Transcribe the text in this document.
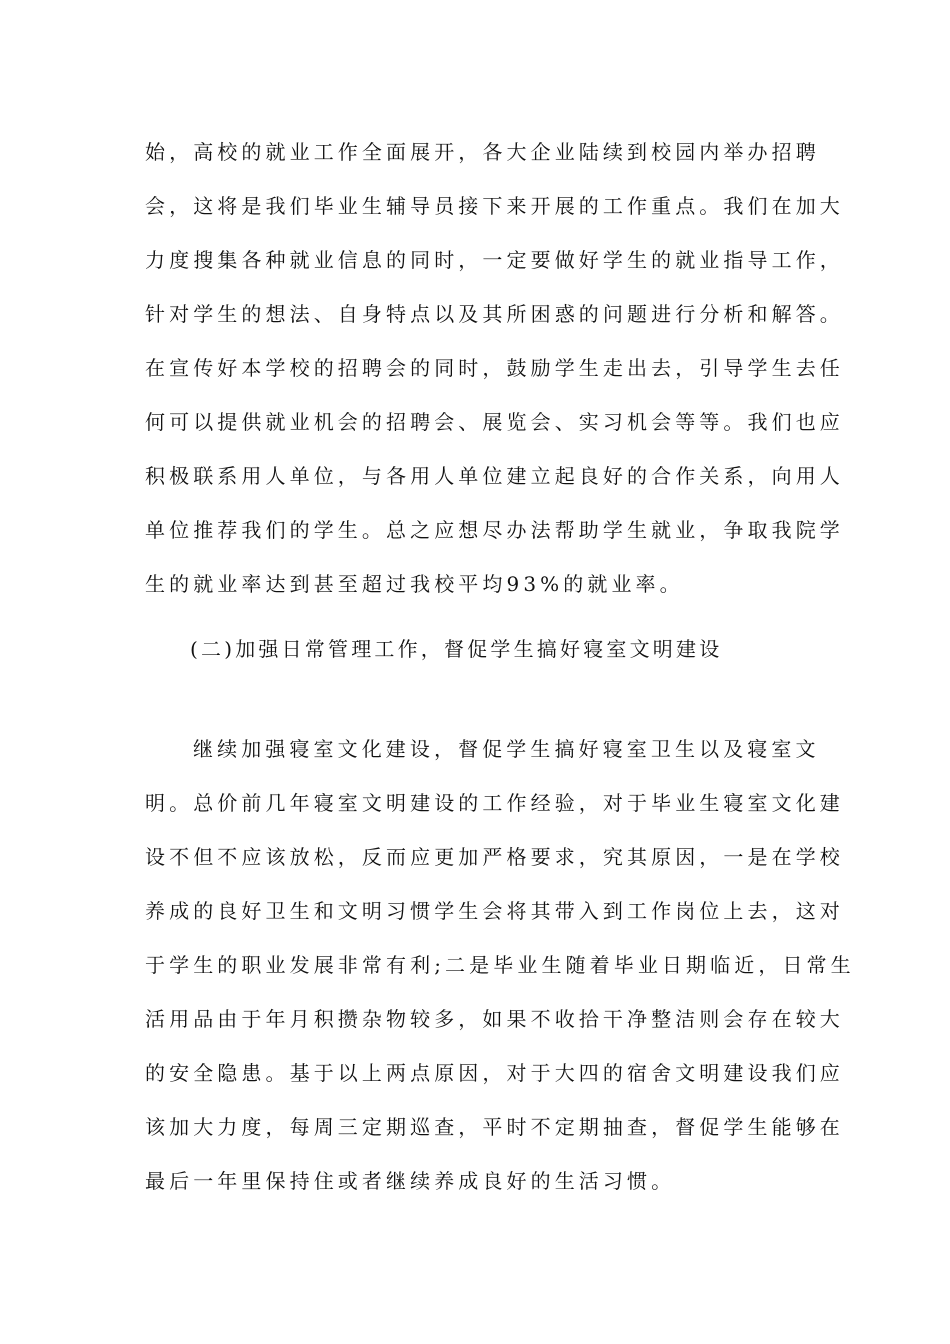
始，高校的就业工作全面展开，各大企业陆续到校园内举办招聘
会，这将是我们毕业生辅导员接下来开展的工作重点。我们在加大
力度搜集各种就业信息的同时，一定要做好学生的就业指导工作，
针对学生的想法、自身特点以及其所困惑的问题进行分析和解答。
在宣传好本学校的招聘会的同时，鼓励学生走出去，引导学生去任
何可以提供就业机会的招聘会、展览会、实习机会等等。我们也应
积极联系用人单位，与各用人单位建立起良好的合作关系，向用人
单位推荐我们的学生。总之应想尽办法帮助学生就业，争取我院学
生的就业率达到甚至超过我校平均93%的就业率。
(二)加强日常管理工作，督促学生搞好寝室文明建设
继续加强寝室文化建设，督促学生搞好寝室卫生以及寝室文
明。总价前几年寝室文明建设的工作经验，对于毕业生寝室文化建
设不但不应该放松，反而应更加严格要求，究其原因，一是在学校
养成的良好卫生和文明习惯学生会将其带入到工作岗位上去，这对
于学生的职业发展非常有利;二是毕业生随着毕业日期临近，日常生
活用品由于年月积攒杂物较多，如果不收拾干净整洁则会存在较大
的安全隐患。基于以上两点原因，对于大四的宿舍文明建设我们应
该加大力度，每周三定期巡查，平时不定期抽查，督促学生能够在
最后一年里保持住或者继续养成良好的生活习惯。
